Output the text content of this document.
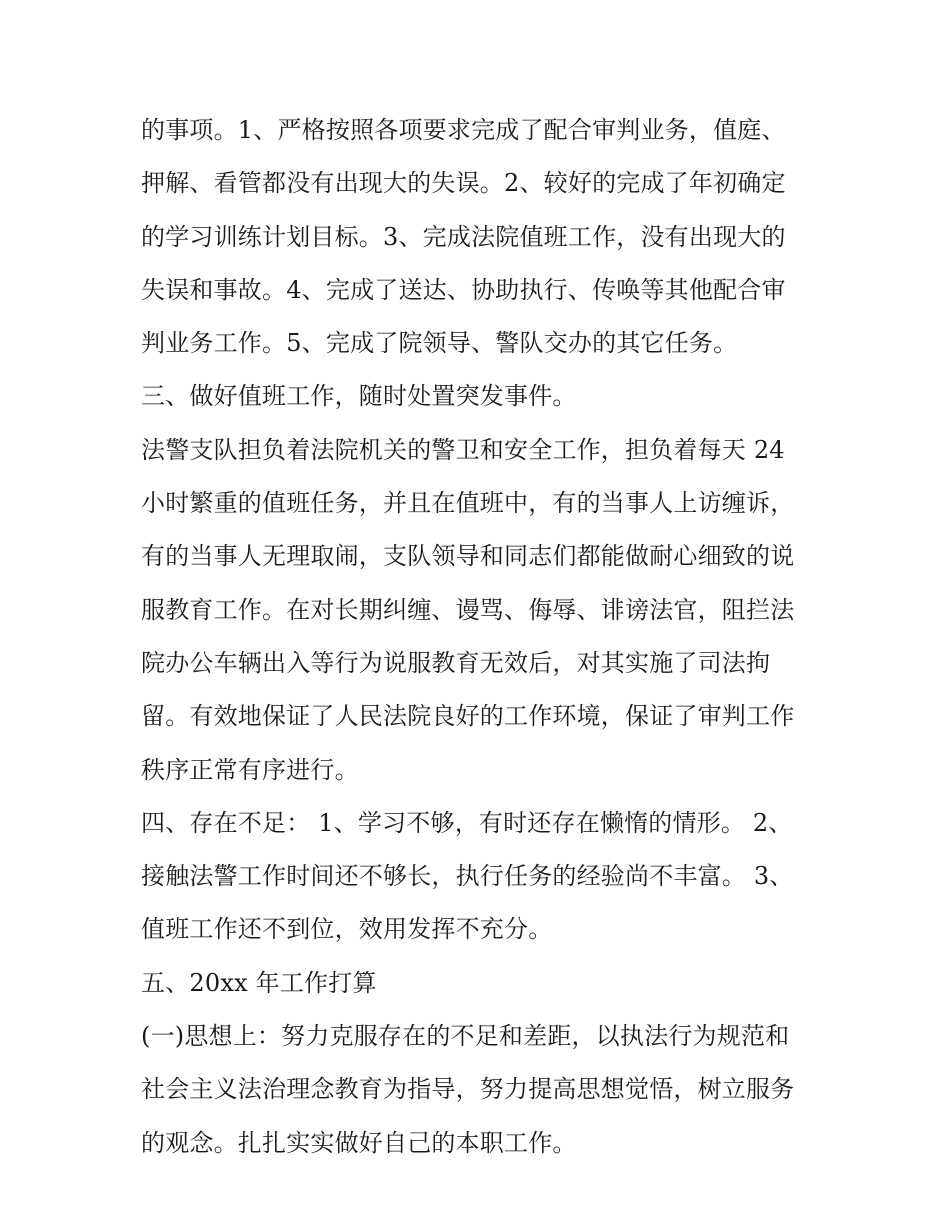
的事项。1、严格按照各项要求完成了配合审判业务，值庭、
押解、看管都没有出现大的失误。2、较好的完成了年初确定
的学习训练计划目标。3、完成法院值班工作，没有出现大的
失误和事故。4、完成了送达、协助执行、传唤等其他配合审
判业务工作。5、完成了院领导、警队交办的其它任务。
三、做好值班工作，随时处置突发事件。
法警支队担负着法院机关的警卫和安全工作，担负着每天 24
小时繁重的值班任务，并且在值班中，有的当事人上访缠诉，
有的当事人无理取闹，支队领导和同志们都能做耐心细致的说
服教育工作。在对长期纠缠、谩骂、侮辱、诽谤法官，阻拦法
院办公车辆出入等行为说服教育无效后，对其实施了司法拘
留。有效地保证了人民法院良好的工作环境，保证了审判工作
秩序正常有序进行。
四、存在不足： 1、学习不够，有时还存在懒惰的情形。 2、
接触法警工作时间还不够长，执行任务的经验尚不丰富。 3、
值班工作还不到位，效用发挥不充分。
五、20xx 年工作打算
(一)思想上：努力克服存在的不足和差距，以执法行为规范和
社会主义法治理念教育为指导，努力提高思想觉悟，树立服务
的观念。扎扎实实做好自己的本职工作。
